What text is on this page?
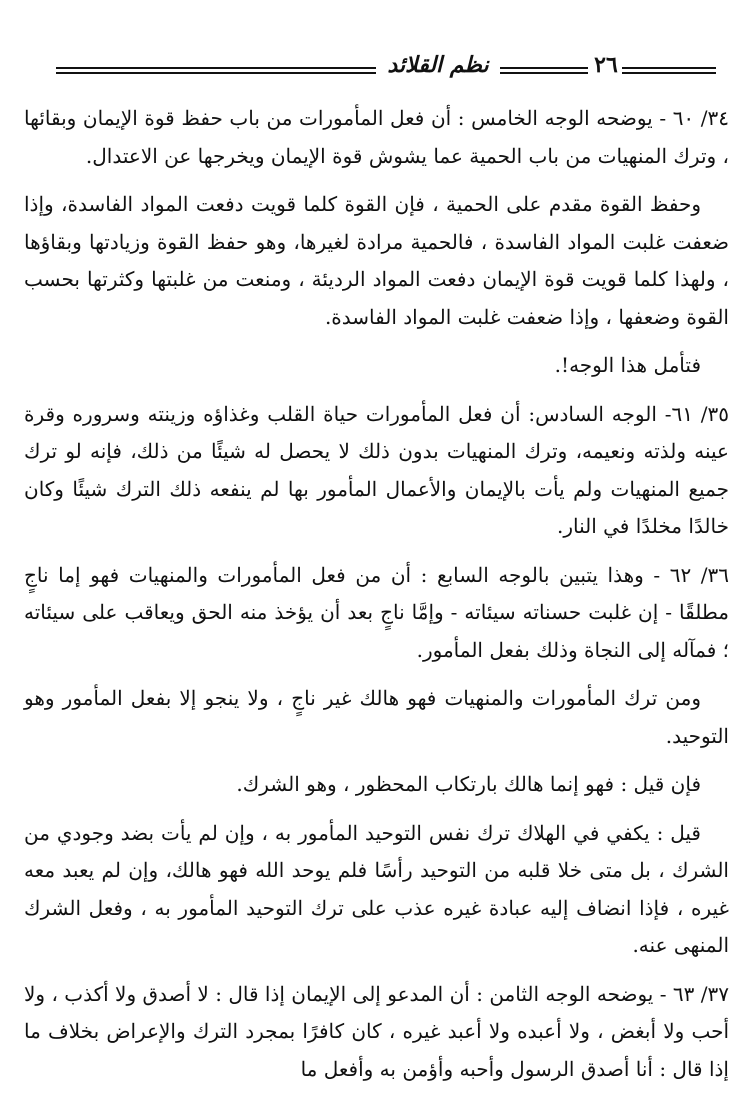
نظم القلائد	٢٦

٣٤/ ٦٠ - يوضحه الوجه الخامس : أن فعل المأمورات من باب حفظ قوة الإيمان وبقائها ، وترك المنهيات من باب الحمية عما يشوش قوة الإيمان ويخرجها عن الاعتدال.

وحفظ القوة مقدم على الحمية ، فإن القوة كلما قويت دفعت المواد الفاسدة، وإذا ضعفت غلبت المواد الفاسدة ، فالحمية مرادة لغيرها، وهو حفظ القوة وزيادتها وبقاؤها ، ولهذا كلما قويت قوة الإيمان دفعت المواد الرديئة ، ومنعت من غلبتها وكثرتها بحسب القوة وضعفها ، وإذا ضعفت غلبت المواد الفاسدة.

فتأمل هذا الوجه!.

٣٥/ ٦١- الوجه السادس: أن فعل المأمورات حياة القلب وغذاؤه وزينته وسروره وقرة عينه ولذته ونعيمه، وترك المنهيات بدون ذلك لا يحصل له شيئًا من ذلك، فإنه لو ترك جميع المنهيات ولم يأت بالإيمان والأعمال المأمور بها لم ينفعه ذلك الترك شيئًا وكان خالدًا مخلدًا في النار.

٣٦/ ٦٢ - وهذا يتبين بالوجه السابع : أن من فعل المأمورات والمنهيات فهو إما ناجٍ مطلقًا - إن غلبت حسناته سيئاته - وإمَّا ناجٍ بعد أن يؤخذ منه الحق ويعاقب على سيئاته ؛ فمآله إلى النجاة وذلك بفعل المأمور.

ومن ترك المأمورات والمنهيات فهو هالك غير ناجٍ ، ولا ينجو إلا بفعل المأمور وهو التوحيد.

فإن قيل : فهو إنما هالك بارتكاب المحظور ، وهو الشرك.

قيل : يكفي في الهلاك ترك نفس التوحيد المأمور به ، وإن لم يأت بضد وجودي من الشرك ، بل متى خلا قلبه من التوحيد رأسًا فلم يوحد الله فهو هالك، وإن لم يعبد معه غيره ، فإذا انضاف إليه عبادة غيره عذب على ترك التوحيد المأمور به ، وفعل الشرك المنهى عنه.

٣٧/ ٦٣ - يوضحه الوجه الثامن : أن المدعو إلى الإيمان إذا قال : لا أصدق ولا أكذب ، ولا أحب ولا أبغض ، ولا أعبده ولا أعبد غيره ، كان كافرًا بمجرد الترك والإعراض بخلاف ما إذا قال : أنا أصدق الرسول وأحبه وأؤمن به وأفعل ما
